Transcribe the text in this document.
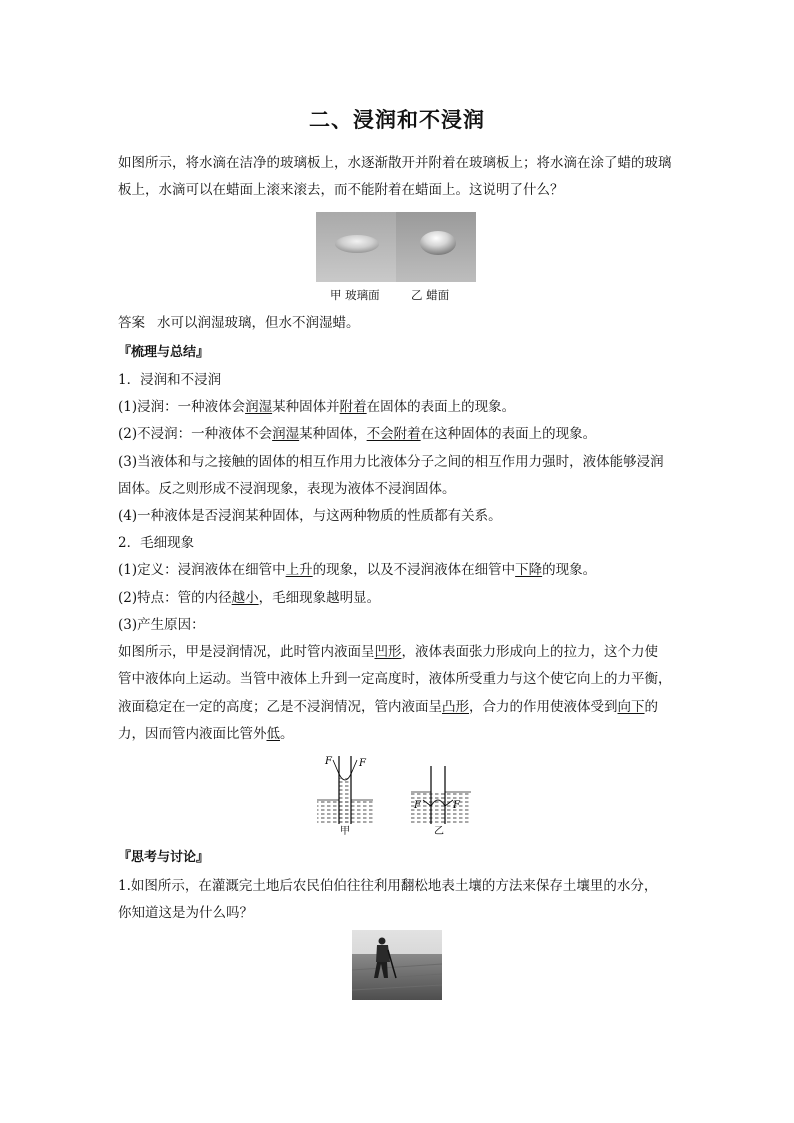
二、浸润和不浸润
如图所示，将水滴在洁净的玻璃板上，水逐渐散开并附着在玻璃板上；将水滴在涂了蜡的玻璃板上，水滴可以在蜡面上滚来滚去，而不能附着在蜡面上。这说明了什么？
甲 玻璃面	乙 蜡面
答案 水可以润湿玻璃，但水不润湿蜡。
『梳理与总结』
1．浸润和不浸润
(1)浸润：一种液体会润湿某种固体并附着在固体的表面上的现象。
(2)不浸润：一种液体不会润湿某种固体，不会附着在这种固体的表面上的现象。
(3)当液体和与之接触的固体的相互作用力比液体分子之间的相互作用力强时，液体能够浸润
固体。反之则形成不浸润现象，表现为液体不浸润固体。
(4)一种液体是否浸润某种固体，与这两种物质的性质都有关系。
2．毛细现象
(1)定义：浸润液体在细管中上升的现象，以及不浸润液体在细管中下降的现象。
(2)特点：管的内径越小，毛细现象越明显。
(3)产生原因：
如图所示，甲是浸润情况，此时管内液面呈凹形，液体表面张力形成向上的拉力，这个力使
管中液体向上运动。当管中液体上升到一定高度时，液体所受重力与这个使它向上的力平衡，
液面稳定在一定的高度；乙是不浸润情况，管内液面呈凸形，合力的作用使液体受到向下的
力，因而管内液面比管外低。
F	F
甲
F	F
乙
『思考与讨论』
1.如图所示，在灌溉完土地后农民伯伯往往利用翻松地表土壤的方法来保存土壤里的水分，
你知道这是为什么吗？
